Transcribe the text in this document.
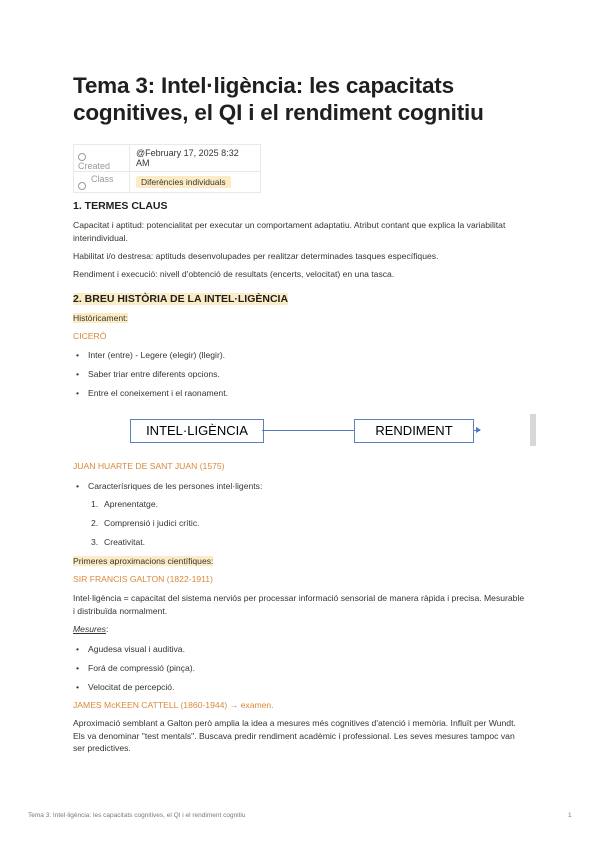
Tema 3: Intel·ligència: les capacitats cognitives, el QI i el rendiment cognitiu
Created	@February 17, 2025 8:32 AM
Class	Diferències individuals
1. TERMES CLAUS
Capacitat i aptitud: potencialitat per executar un comportament adaptatiu. Atribut contant que explica la variabilitat interindividual.
Habilitat i/o destresa: aptituds desenvolupades per realitzar determinades tasques específiques.
Rendiment i execució: nivell d'obtenció de resultats (encerts, velocitat) en una tasca.
2. BREU HISTÒRIA DE LA INTEL·LIGÈNCIA
Històricament:
CICERÓ
• Inter (entre) - Legere (elegir) (llegir).
• Saber triar entre diferents opcions.
• Entre el coneixement i el raonament.
INTEL·LIGÈNCIA	RENDIMENT
JUAN HUARTE DE SANT JUAN (1575)
• Caracterísriques de les persones intel·ligents:
1. Aprenentatge.
2. Comprensió i judici crític.
3. Creativitat.
Primeres aproximacions científiques:
SIR FRANCIS GALTON (1822-1911)
Intel·ligència = capacitat del sistema nerviós per processar informació sensorial de manera ràpida i precisa. Mesurable i distribuïda normalment.
Mesures:
• Agudesa visual i auditiva.
• Forá de compressió (pinça).
• Velocitat de percepció.
JAMES McKEEN CATTELL (1860-1944) → examen.
Aproximació semblant a Galton però amplia la idea a mesures més cognitives d'atenció i memòria. Influït per Wundt. Els va denominar "test mentals". Buscava predir rendiment acadèmic i professional. Les seves mesures tampoc van ser predictives.
Tema 3: Intel·ligència: les capacitats cognitives, el QI i el rendiment cognitiu	1
